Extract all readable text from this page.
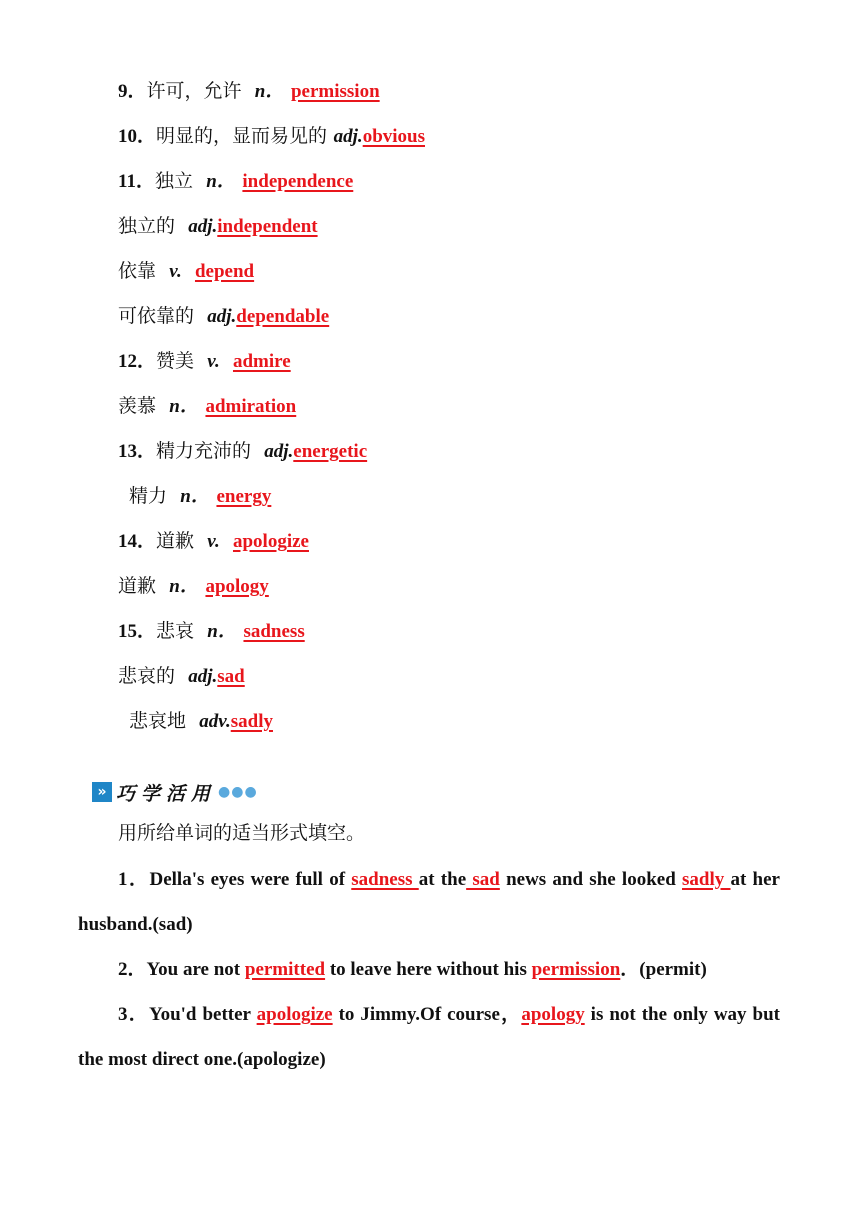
9．许可，允许 n． permission
10．明显的，显而易见的 adj.obvious
11．独立 n． independence
独立的 adj.independent
依靠 v. depend
可依靠的 adj.dependable
12．赞美 v. admire
羡慕 n． admiration
13．精力充沛的 adj.energetic
精力 n． energy
14．道歉 v. apologize
道歉 n． apology
15．悲哀 n． sadness
悲哀的 adj.sad
悲哀地 adv.sadly
» 巧学活用 ●●●
用所给单词的适当形式填空。
1．Della's eyes were full of sadness at the sad news and she looked sadly at her husband.(sad)
2．You are not permitted to leave here without his permission．(permit)
3．You'd better apologize to Jimmy.Of course，apology is not the only way but the most direct one.(apologize)
